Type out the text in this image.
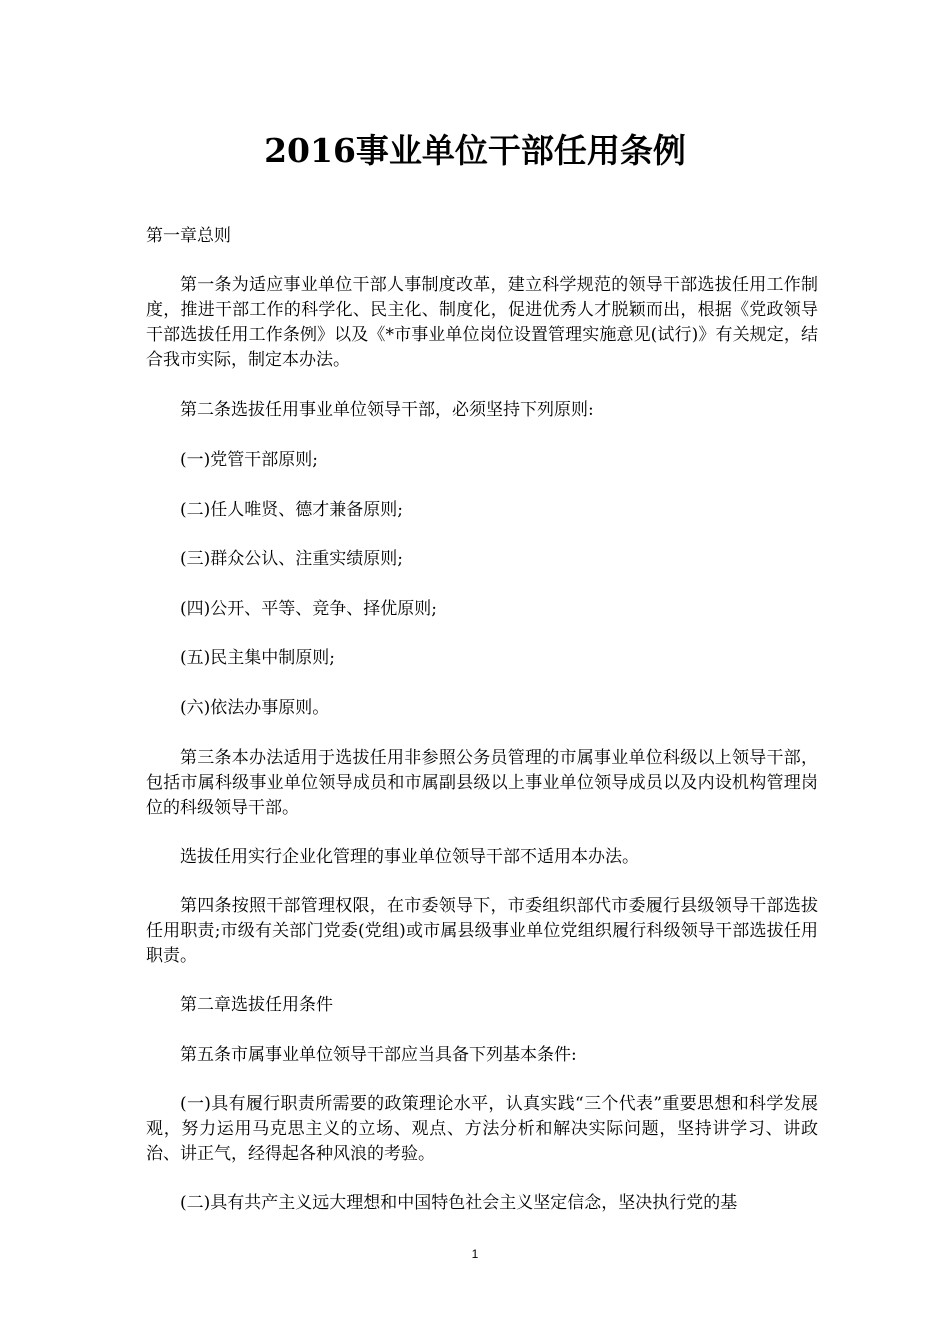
2016事业单位干部任用条例

第一章总则

第一条为适应事业单位干部人事制度改革，建立科学规范的领导干部选拔任用工作制度，推进干部工作的科学化、民主化、制度化，促进优秀人才脱颖而出，根据《党政领导干部选拔任用工作条例》以及《*市事业单位岗位设置管理实施意见(试行)》有关规定，结合我市实际，制定本办法。

第二条选拔任用事业单位领导干部，必须坚持下列原则:

(一)党管干部原则;

(二)任人唯贤、德才兼备原则;

(三)群众公认、注重实绩原则;

(四)公开、平等、竞争、择优原则;

(五)民主集中制原则;

(六)依法办事原则。

第三条本办法适用于选拔任用非参照公务员管理的市属事业单位科级以上领导干部，包括市属科级事业单位领导成员和市属副县级以上事业单位领导成员以及内设机构管理岗位的科级领导干部。

选拔任用实行企业化管理的事业单位领导干部不适用本办法。

第四条按照干部管理权限，在市委领导下，市委组织部代市委履行县级领导干部选拔任用职责;市级有关部门党委(党组)或市属县级事业单位党组织履行科级领导干部选拔任用职责。

第二章选拔任用条件

第五条市属事业单位领导干部应当具备下列基本条件:

(一)具有履行职责所需要的政策理论水平，认真实践“三个代表”重要思想和科学发展观，努力运用马克思主义的立场、观点、方法分析和解决实际问题，坚持讲学习、讲政治、讲正气，经得起各种风浪的考验。

(二)具有共产主义远大理想和中国特色社会主义坚定信念，坚决执行党的基

1
